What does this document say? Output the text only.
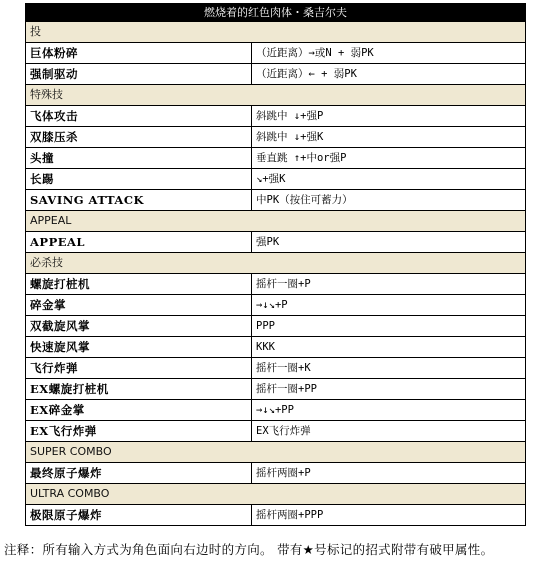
燃烧着的红色肉体・桑吉尔夫	
投	
巨体粉碎	（近距离）→或N + 弱PK
强制驱动	（近距离）← + 弱PK
特殊技	
飞体攻击	斜跳中 ↓+强P
双膝压杀	斜跳中 ↓+强K
头撞	垂直跳 ↑+中or强P
长踢	↘+强K
SAVING ATTACK	中PK（按住可蓄力）
APPEAL	
APPEAL	强PK
必杀技	
螺旋打桩机	摇杆一圈+P
碎金掌	→↓↘+P
双截旋风掌	PPP
快速旋风掌	KKK
飞行炸弹	摇杆一圈+K
EX螺旋打桩机	摇杆一圈+PP
EX碎金掌	→↓↘+PP
EX飞行炸弹	EX飞行炸弹
SUPER COMBO	
最终原子爆炸	摇杆两圈+P
ULTRA COMBO	
极限原子爆炸	摇杆两圈+PPP
注释：所有输入方式为角色面向右边时的方向。 带有★号标记的招式附带有破甲属性。
